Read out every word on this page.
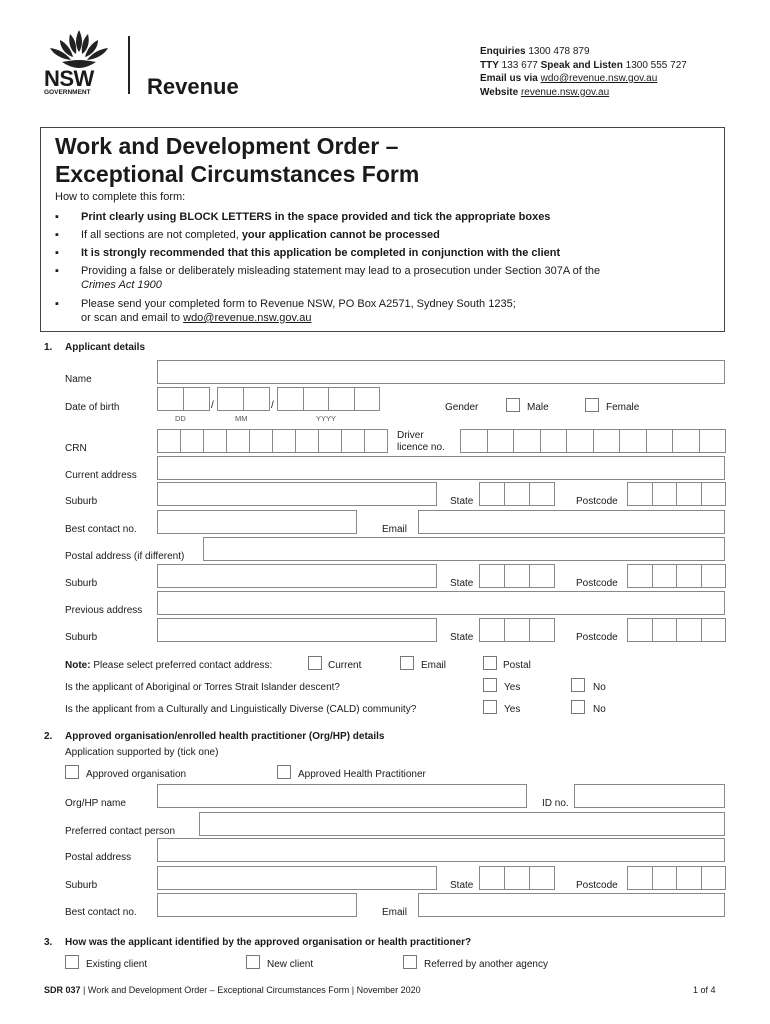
NSW
GOVERNMENT	Revenue
Enquiries 1300 478 879
TTY 133 677 Speak and Listen 1300 555 727
Email us via wdo@revenue.nsw.gov.au
Website revenue.nsw.gov.au
Work and Development Order –
Exceptional Circumstances Form
How to complete this form:
▪ Print clearly using BLOCK LETTERS in the space provided and tick the appropriate boxes
▪ If all sections are not completed, your application cannot be processed
▪ It is strongly recommended that this application be completed in conjunction with the client
▪ Providing a false or deliberately misleading statement may lead to a prosecution under Section 307A of the
Crimes Act 1900
▪ Please send your completed form to Revenue NSW, PO Box A2571, Sydney South 1235;
or scan and email to wdo@revenue.nsw.gov.au
1. Applicant details
Name
Date of birth	/	/
DD	MM	YYYY
Gender	Male	Female
CRN
Driver
licence no.
Current address
Suburb	State	Postcode
Best contact no.	Email
Postal address (if different)
Suburb	State	Postcode
Previous address
Suburb	State	Postcode
Note: Please select preferred contact address:	Current	Email	Postal
Is the applicant of Aboriginal or Torres Strait Islander descent?	Yes	No
Is the applicant from a Culturally and Linguistically Diverse (CALD) community?	Yes	No
2. Approved organisation/enrolled health practitioner (Org/HP) details
Application supported by (tick one)
Approved organisation	Approved Health Practitioner
Org/HP name	ID no.
Preferred contact person
Postal address
Suburb	State	Postcode
Best contact no.	Email
3. How was the applicant identified by the approved organisation or health practitioner?
Existing client	New client	Referred by another agency
SDR 037 | Work and Development Order – Exceptional Circumstances Form | November 2020	1 of 4
